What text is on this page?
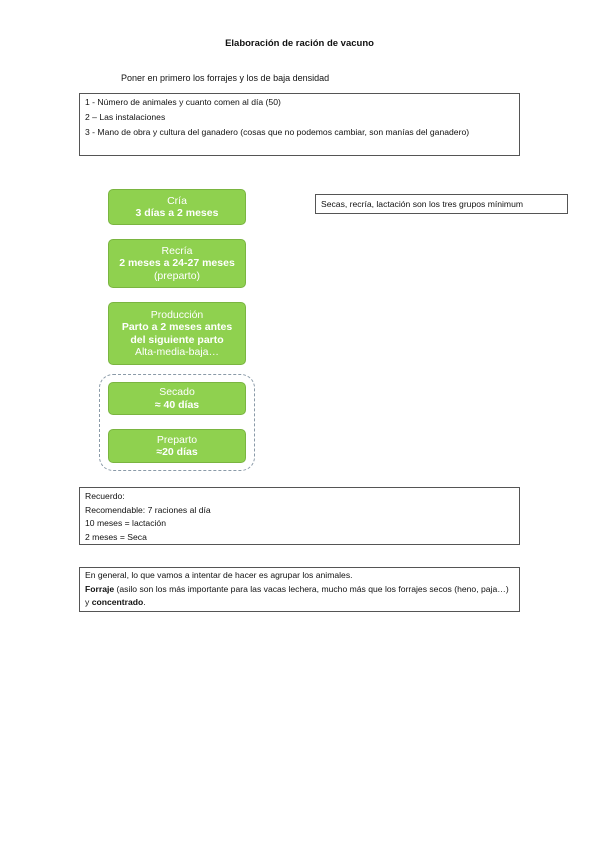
Elaboración de ración de vacuno
Poner en primero los forrajes y los de baja densidad
1 - Número de animales y cuanto comen al día (50)
2 – Las instalaciones
3 - Mano de obra y cultura del ganadero (cosas que no podemos cambiar, son manías del ganadero)
Secas, recría, lactación son los tres grupos mínimum
Cría
3 días a 2 meses
Recría
2 meses a 24-27 meses
(preparto)
Producción
Parto a 2 meses antes del siguiente parto
Alta-media-baja…
Secado
≈ 40 días
Preparto
≈20 días
Recuerdo:
Recomendable: 7 raciones al día
10 meses = lactación
2 meses = Seca
En general, lo que vamos a intentar de hacer es agrupar los animales.
Forraje (asilo son los más importante para las vacas lechera, mucho más que los forrajes secos (heno, paja…) y concentrado.
